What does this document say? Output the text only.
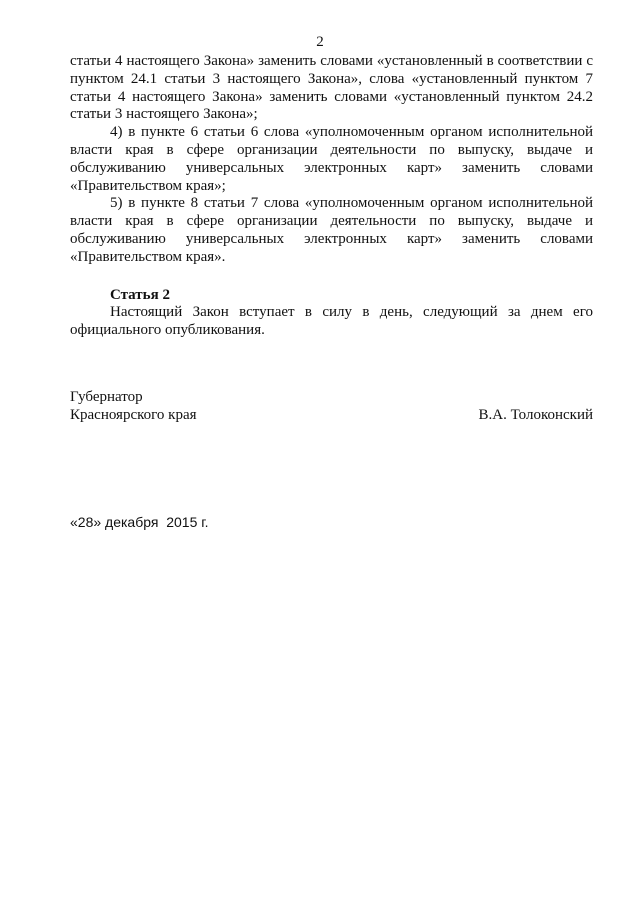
2

статьи 4 настоящего Закона» заменить словами «установленный в соответствии с пунктом 24.1 статьи 3 настоящего Закона», слова «установленный пунктом 7 статьи 4 настоящего Закона» заменить словами «установленный пунктом 24.2 статьи 3 настоящего Закона»;

4) в пункте 6 статьи 6 слова «уполномоченным органом исполнительной власти края в сфере организации деятельности по выпуску, выдаче и обслуживанию универсальных электронных карт» заменить словами «Правительством края»;

5) в пункте 8 статьи 7 слова «уполномоченным органом исполнительной власти края в сфере организации деятельности по выпуску, выдаче и обслуживанию универсальных электронных карт» заменить словами «Правительством края».

Статья 2

Настоящий Закон вступает в силу в день, следующий за днем его официального опубликования.

Губернатор
Красноярского края	В.А. Толоконский
«28» декабря  2015 г.
